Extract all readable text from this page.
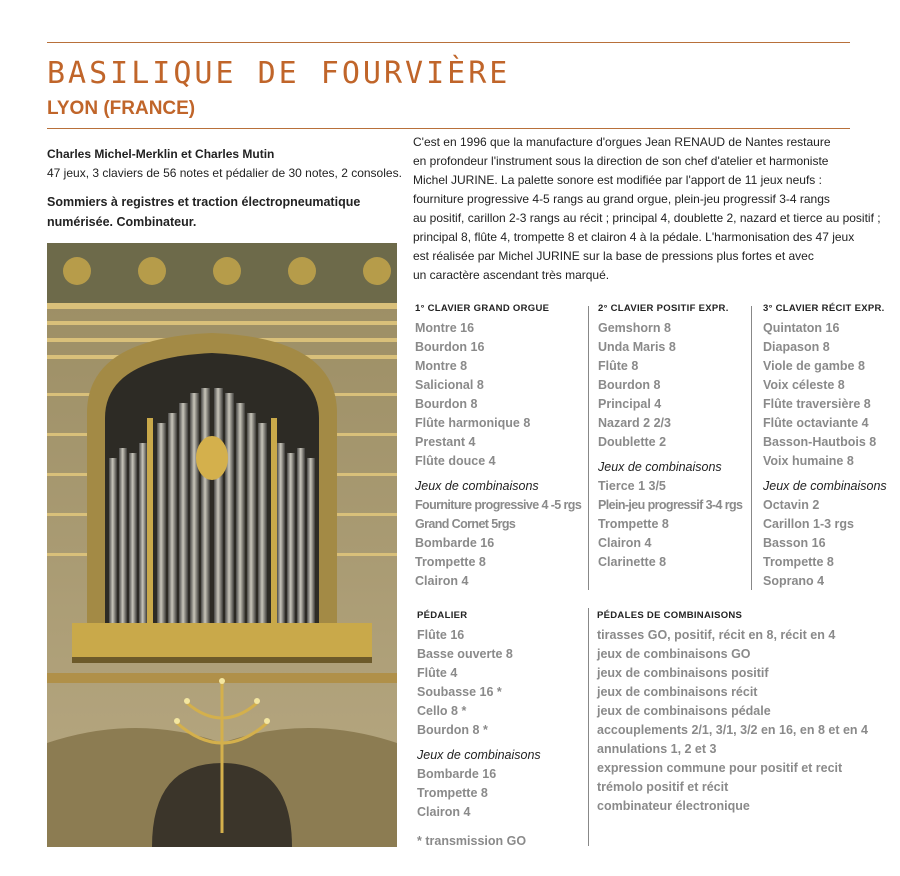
BASILIQUE DE FOURVIÈRE
LYON (FRANCE)
Charles Michel-Merklin et Charles Mutin
47 jeux, 3 claviers de 56 notes et pédalier de 30 notes, 2 consoles.
Sommiers à registres et traction électropneumatique numérisée. Combinateur.
C'est en 1996 que la manufacture d'orgues Jean RENAUD de Nantes restaure
en profondeur l'instrument sous la direction de son chef d'atelier et harmoniste
Michel JURINE. La palette sonore est modifiée par l'apport de 11 jeux neufs :
fourniture progressive 4-5 rangs au grand orgue, plein-jeu progressif 3-4 rangs
au positif, carillon 2-3 rangs au récit ; principal 4, doublette 2, nazard et tierce au positif ;
principal 8, flûte 4, trompette 8 et clairon 4 à la pédale. L'harmonisation des 47 jeux
est réalisée par Michel JURINE sur la base de pressions plus fortes et avec
un caractère ascendant très marqué.
1° CLAVIER GRAND ORGUE
Montre 16
Bourdon 16
Montre 8
Salicional 8
Bourdon 8
Flûte harmonique 8
Prestant 4
Flûte douce 4
Jeux de combinaisons
Fourniture progressive 4 -5 rgs
Grand Cornet 5rgs
Bombarde 16
Trompette 8
Clairon 4
2° CLAVIER POSITIF EXPR.
Gemshorn 8
Unda Maris 8
Flûte 8
Bourdon 8
Principal 4
Nazard 2 2/3
Doublette 2
Jeux de combinaisons
Tierce 1 3/5
Plein-jeu progressif 3-4 rgs
Trompette 8
Clairon 4
Clarinette 8
3° CLAVIER RÉCIT EXPR.
Quintaton 16
Diapason 8
Viole de gambe 8
Voix céleste 8
Flûte traversière 8
Flûte octaviante 4
Basson-Hautbois 8
Voix humaine 8
Jeux de combinaisons
Octavin 2
Carillon 1-3 rgs
Basson 16
Trompette 8
Soprano 4
PÉDALIER
Flûte 16
Basse ouverte 8
Flûte 4
Soubasse 16 *
Cello 8 *
Bourdon 8 *
Jeux de combinaisons
Bombarde 16
Trompette 8
Clairon 4
* transmission GO
PÉDALES DE COMBINAISONS
tirasses GO, positif, récit en 8, récit en 4
jeux de combinaisons GO
jeux de combinaisons positif
jeux de combinaisons récit
jeux de combinaisons pédale
accouplements 2/1, 3/1, 3/2 en 16, en 8 et en 4
annulations 1, 2 et 3
expression commune pour positif et recit
trémolo positif et récit
combinateur électronique
